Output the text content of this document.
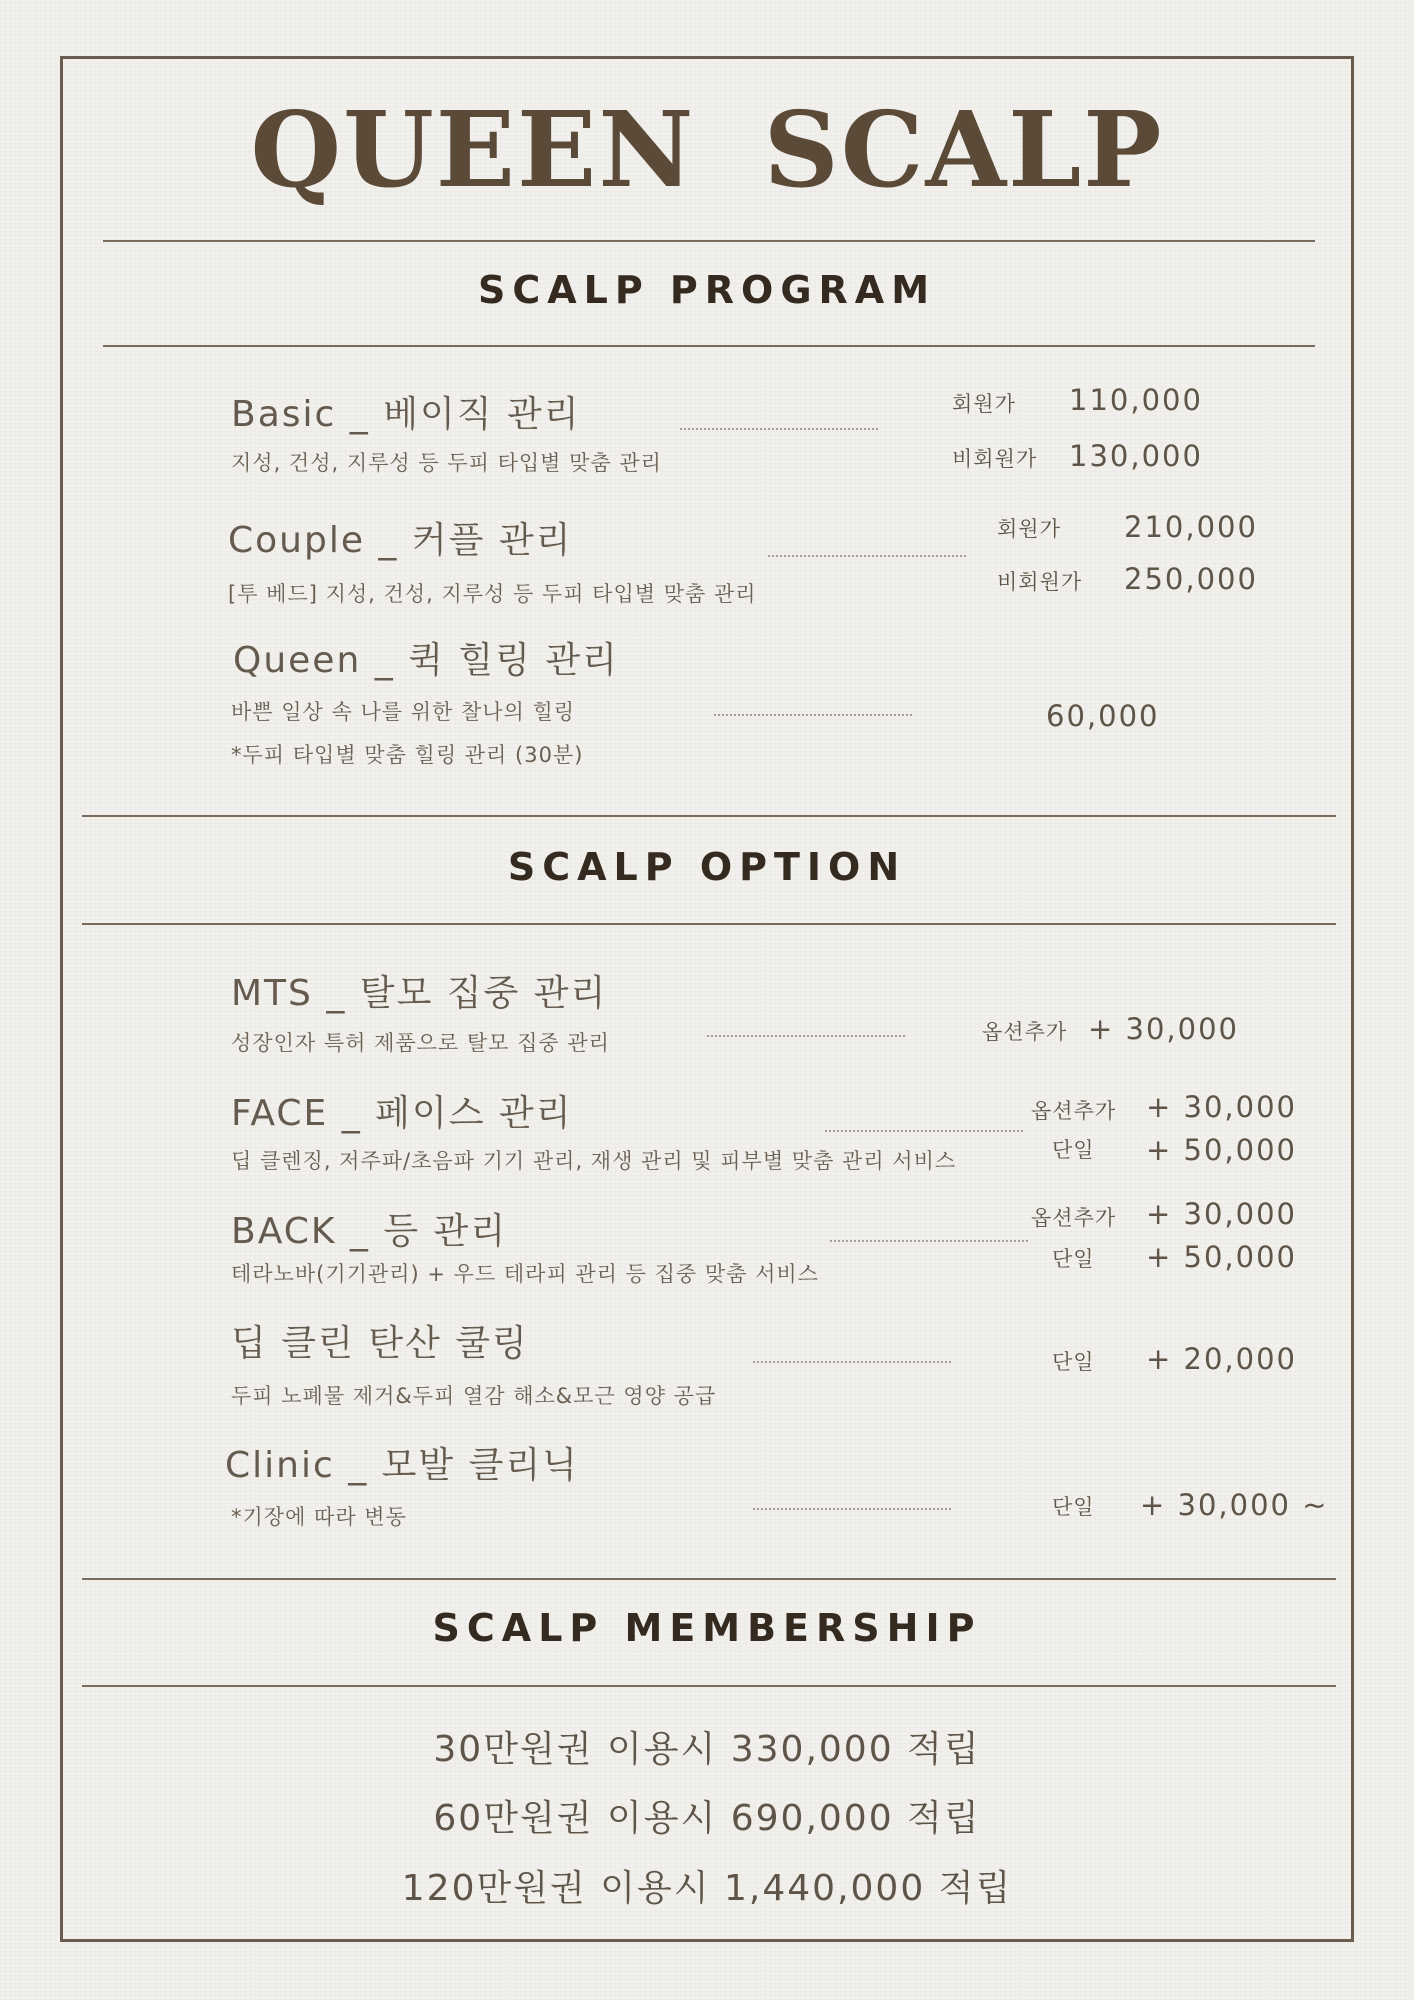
QUEEN SCALP
SCALP PROGRAM
Basic _ 베이직 관리
지성, 건성, 지루성 등 두피 타입별 맞춤 관리
회원가 110,000
비회원가 130,000
Couple _ 커플 관리
[투 베드] 지성, 건성, 지루성 등 두피 타입별 맞춤 관리
회원가 210,000
비회원가 250,000
Queen _ 퀵 힐링 관리
바쁜 일상 속 나를 위한 찰나의 힐링
*두피 타입별 맞춤 힐링 관리 (30분)
60,000
SCALP OPTION
MTS _ 탈모 집중 관리
성장인자 특허 제품으로 탈모 집중 관리	옵션추가 + 30,000
FACE _ 페이스 관리
딥 클렌징, 저주파/초음파 기기 관리, 재생 관리 및 피부별 맞춤 관리 서비스
옵션추가 + 30,000
단일 + 50,000
BACK _ 등 관리
테라노바(기기관리) + 우드 테라피 관리 등 집중 맞춤 서비스
옵션추가 + 30,000
단일 + 50,000
딥 클린 탄산 쿨링
두피 노폐물 제거&두피 열감 해소&모근 영양 공급
단일 + 20,000
Clinic _ 모발 클리닉
*기장에 따라 변동	단일 + 30,000 ~
SCALP MEMBERSHIP
30만원권 이용시 330,000 적립
60만원권 이용시 690,000 적립
120만원권 이용시 1,440,000 적립
